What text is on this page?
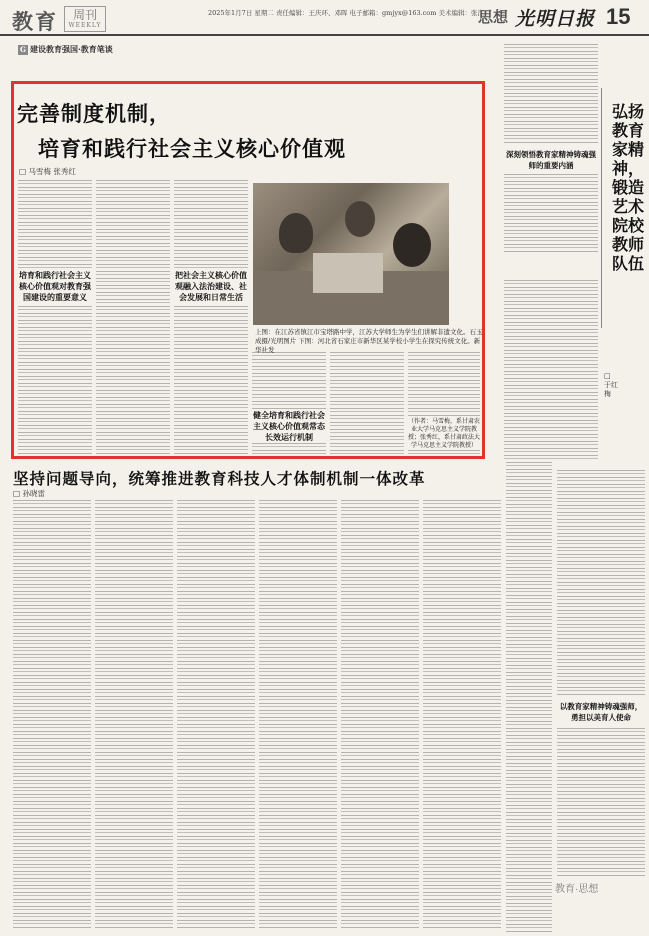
教育	周刊
WEEKLY
2025年1月7日 星期二 责任编辑：王庆环、邓晖 电子邮箱：gmjyx@163.com 美术编辑：张江
思想 光明日报 15
G 建设教育强国·教育笔谈
完善制度机制，
培育和践行社会主义核心价值观
□ 马雪梅 张秀红
培育和践行社会主义核心价值观对教育强国建设的重要意义
把社会主义核心价值观融入法治建设、社会发展和日常生活
健全培育和践行社会主义核心价值观常态长效运行机制
上图：在江苏省镇江市宝塔路中学，江苏大学师生为学生们讲解非遗文化。石玉成摄/光明图片 下图：河北省石家庄市新华区某学校小学生在探究传统文化。新华社发
（作者：马雪梅，系甘肃农业大学马克思主义学院教授；张秀红，系甘肃政法大学马克思主义学院教授）
坚持问题导向，统筹推进教育科技人才体制机制一体改革
□ 孙晓雷
深刻领悟教育家精神铸魂强师的重要内涵
弘扬教育家精神，锻造艺术院校教师队伍
□ 于红梅
以教育家精神铸魂强师，勇担以美育人使命
教育·思想
